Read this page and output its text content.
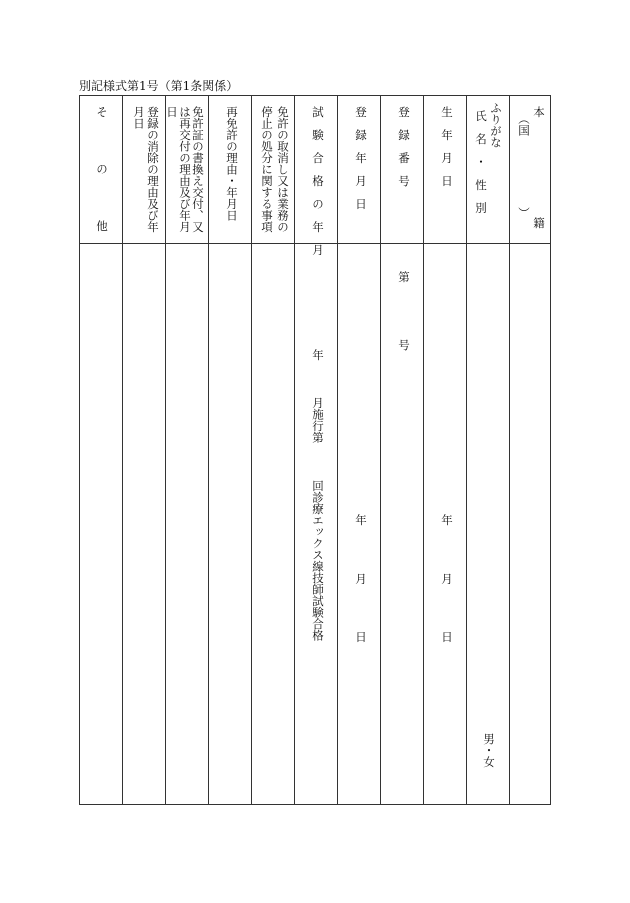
別記様式第1号（第1条関係）
本
（国
籍
）
ふりがな
氏　名　・　性　別
生　年　月　日
登　録　番　号
登　録　年　月　日
試　験　合　格　の　年　月
免許の取消し又は業務の
停止の処分に関する事項
再免許の理由・年月日
免許証の書換え交付、又
は再交付の理由及び年月
日
登録の消除の理由及び年
月日
そ
の
他
男・女
年
月
日
第
号
年
月
日
年
月施行第
回診療エックス線技師試験合格
